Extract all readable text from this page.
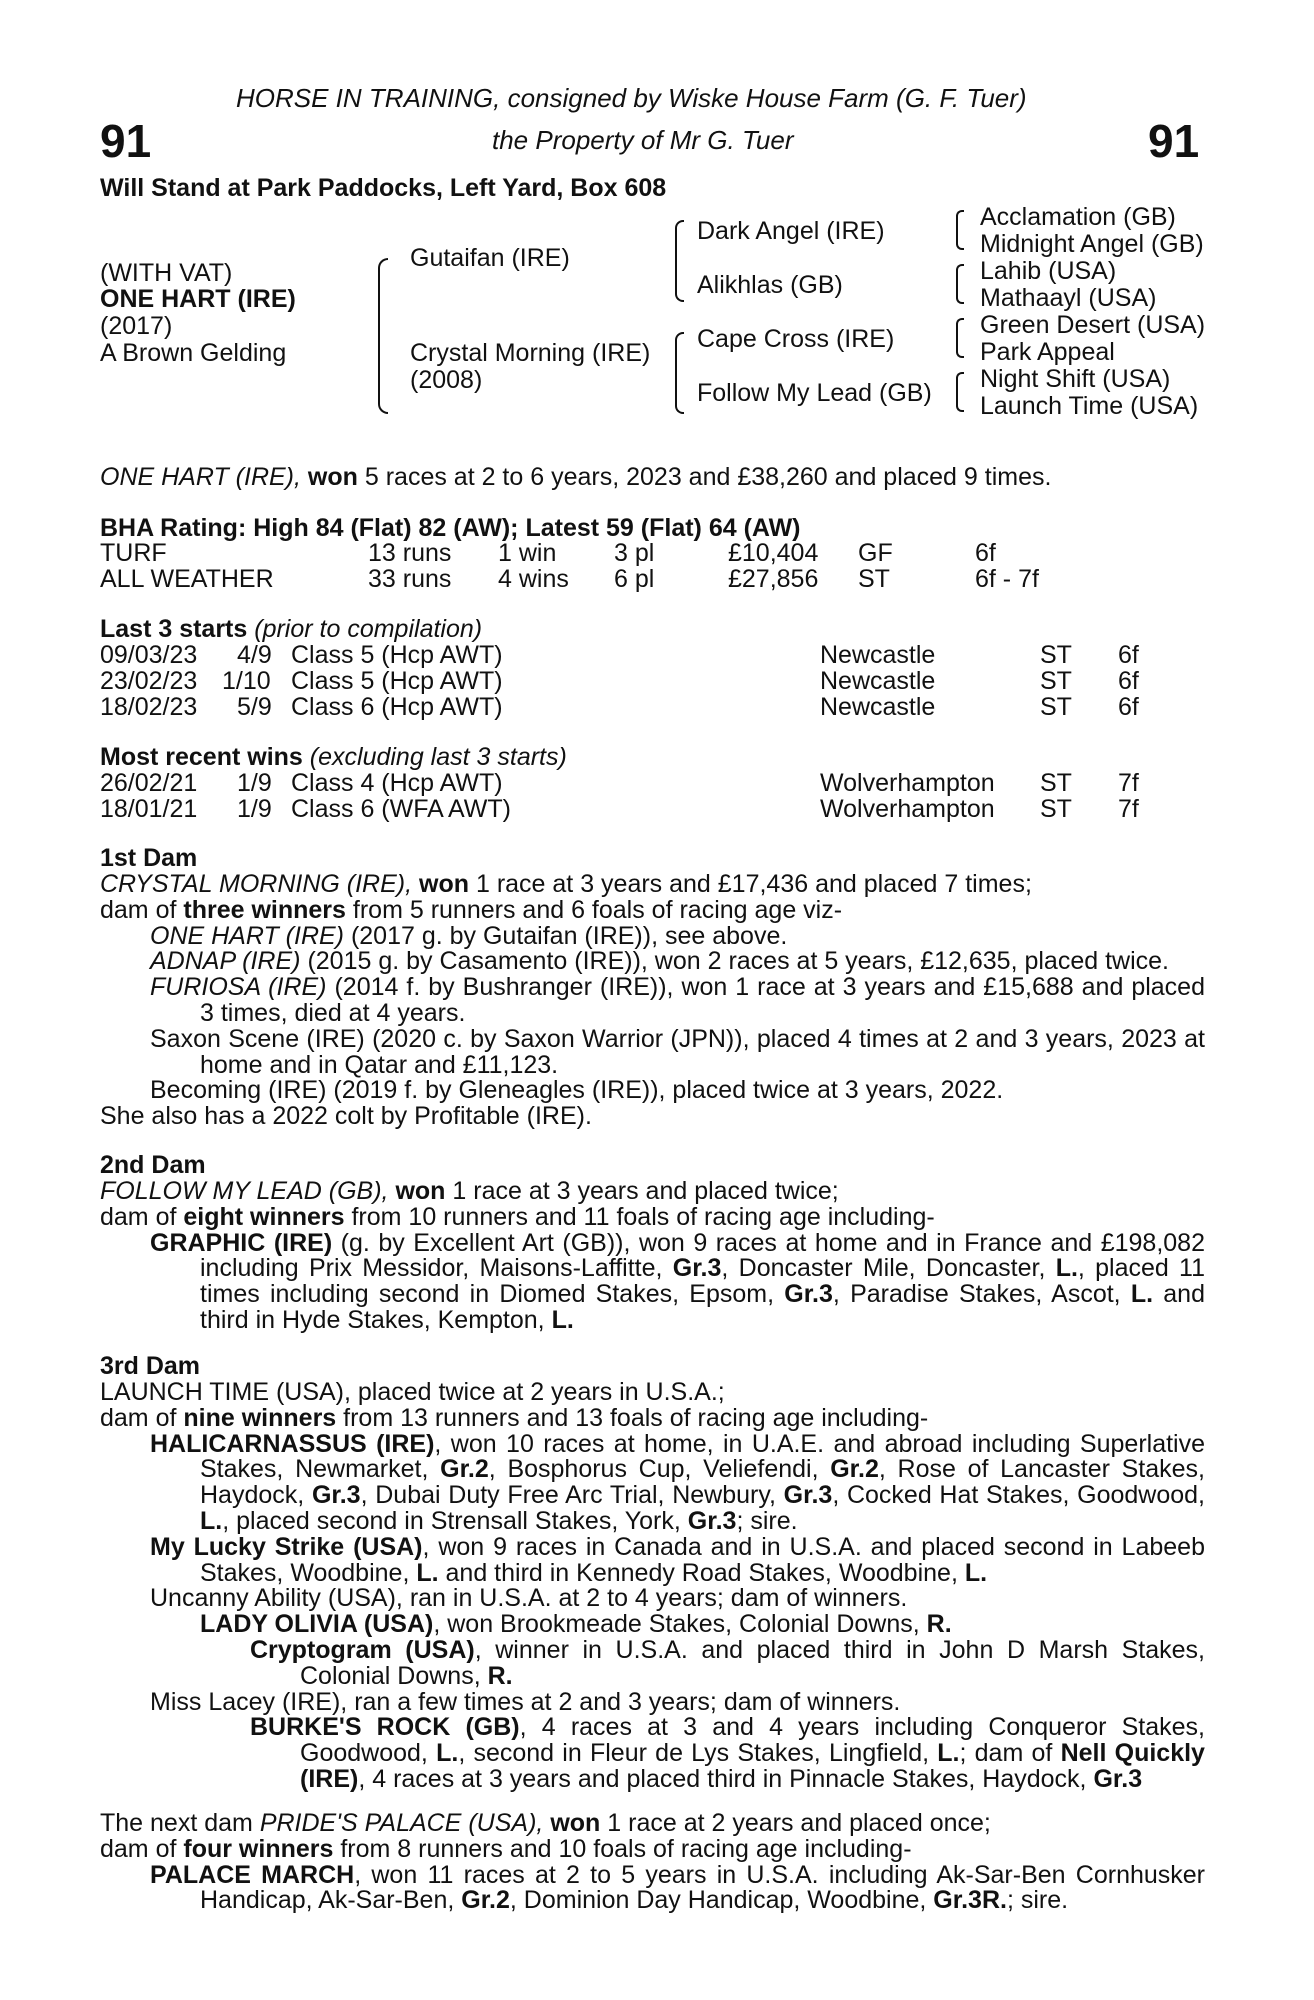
91	91
HORSE IN TRAINING, consigned by Wiske House Farm (G. F. Tuer)
the Property of Mr G. Tuer
Will Stand at Park Paddocks, Left Yard, Box 608
(WITH VAT)
ONE HART (IRE)
(2017)
A Brown Gelding
Gutaifan (IRE)
Crystal Morning (IRE)
(2008)
Dark Angel (IRE)
Alikhlas (GB)
Cape Cross (IRE)
Follow My Lead (GB)
Acclamation (GB)
Midnight Angel (GB)
Lahib (USA)
Mathaayl (USA)
Green Desert (USA)
Park Appeal
Night Shift (USA)
Launch Time (USA)
ONE HART (IRE), won 5 races at 2 to 6 years, 2023 and £38,260 and placed 9 times.
BHA Rating: High 84 (Flat) 82 (AW); Latest 59 (Flat) 64 (AW)
TURF	13 runs 1 win 3 pl	£10,404 GF	6f
ALL WEATHER	33 runs 4 wins 6 pl	£27,856 ST	6f - 7f
Last 3 starts (prior to compilation)
09/03/23 4/9 Class 5 (Hcp AWT)	Newcastle	ST 6f
23/02/23 1/10 Class 5 (Hcp AWT)	Newcastle	ST 6f
18/02/23 5/9 Class 6 (Hcp AWT)	Newcastle	ST 6f
Most recent wins (excluding last 3 starts)
26/02/21 1/9 Class 4 (Hcp AWT)	Wolverhampton ST 7f
18/01/21 1/9 Class 6 (WFA AWT)	Wolverhampton ST 7f
1st Dam
CRYSTAL MORNING (IRE), won 1 race at 3 years and £17,436 and placed 7 times;
dam of three winners from 5 runners and 6 foals of racing age viz-
ONE HART (IRE) (2017 g. by Gutaifan (IRE)), see above.
ADNAP (IRE) (2015 g. by Casamento (IRE)), won 2 races at 5 years, £12,635, placed twice.
FURIOSA (IRE) (2014 f. by Bushranger (IRE)), won 1 race at 3 years and £15,688 and placed 3 times, died at 4 years.
Saxon Scene (IRE) (2020 c. by Saxon Warrior (JPN)), placed 4 times at 2 and 3 years, 2023 at home and in Qatar and £11,123.
Becoming (IRE) (2019 f. by Gleneagles (IRE)), placed twice at 3 years, 2022.
She also has a 2022 colt by Profitable (IRE).
2nd Dam
FOLLOW MY LEAD (GB), won 1 race at 3 years and placed twice;
dam of eight winners from 10 runners and 11 foals of racing age including-
GRAPHIC (IRE) (g. by Excellent Art (GB)), won 9 races at home and in France and £198,082 including Prix Messidor, Maisons-Laffitte, Gr.3, Doncaster Mile, Doncaster, L., placed 11 times including second in Diomed Stakes, Epsom, Gr.3, Paradise Stakes, Ascot, L. and third in Hyde Stakes, Kempton, L.
3rd Dam
LAUNCH TIME (USA), placed twice at 2 years in U.S.A.;
dam of nine winners from 13 runners and 13 foals of racing age including-
HALICARNASSUS (IRE), won 10 races at home, in U.A.E. and abroad including Superlative Stakes, Newmarket, Gr.2, Bosphorus Cup, Veliefendi, Gr.2, Rose of Lancaster Stakes, Haydock, Gr.3, Dubai Duty Free Arc Trial, Newbury, Gr.3, Cocked Hat Stakes, Goodwood, L., placed second in Strensall Stakes, York, Gr.3; sire.
My Lucky Strike (USA), won 9 races in Canada and in U.S.A. and placed second in Labeeb Stakes, Woodbine, L. and third in Kennedy Road Stakes, Woodbine, L.
Uncanny Ability (USA), ran in U.S.A. at 2 to 4 years; dam of winners.
LADY OLIVIA (USA), won Brookmeade Stakes, Colonial Downs, R.
Cryptogram (USA), winner in U.S.A. and placed third in John D Marsh Stakes, Colonial Downs, R.
Miss Lacey (IRE), ran a few times at 2 and 3 years; dam of winners.
BURKE'S ROCK (GB), 4 races at 3 and 4 years including Conqueror Stakes, Goodwood, L., second in Fleur de Lys Stakes, Lingfield, L.; dam of Nell Quickly (IRE), 4 races at 3 years and placed third in Pinnacle Stakes, Haydock, Gr.3
The next dam PRIDE'S PALACE (USA), won 1 race at 2 years and placed once;
dam of four winners from 8 runners and 10 foals of racing age including-
PALACE MARCH, won 11 races at 2 to 5 years in U.S.A. including Ak-Sar-Ben Cornhusker Handicap, Ak-Sar-Ben, Gr.2, Dominion Day Handicap, Woodbine, Gr.3R.; sire.
